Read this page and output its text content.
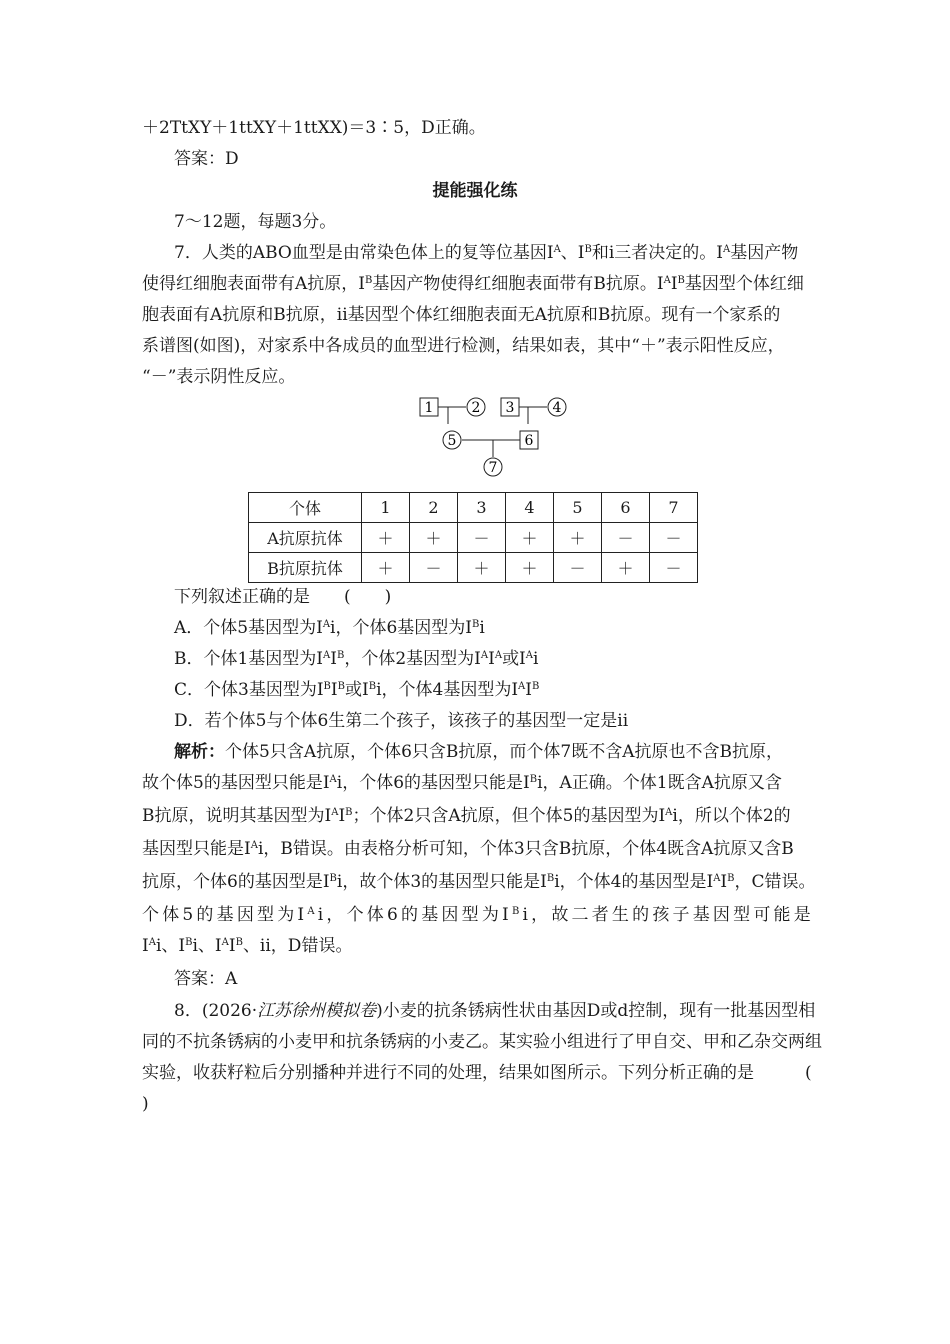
＋2TtXY＋1ttXY＋1ttXX)＝3∶5，D正确。
答案：D
提能强化练
7～12题，每题3分。
7．人类的ABO血型是由常染色体上的复等位基因$I^A$、$I^B$和i三者决定的。$I^A$基因产物
使得红细胞表面带有A抗原，$I^B$基因产物使得红细胞表面带有B抗原。$I^AI^B$基因型个体红细
胞表面有A抗原和B抗原，ii基因型个体红细胞表面无A抗原和B抗原。现有一个家系的
系谱图(如图)，对家系中各成员的血型进行检测，结果如表，其中“＋”表示阳性反应，
“－”表示阴性反应。
1	2 3	4
5	6
7
个体	1	2	3	4	5	6	7
A抗原抗体	＋	＋	－	＋	＋	－	－
B抗原抗体	＋	－	＋	＋	－	＋	－
下列叙述正确的是　　(　　)
A．个体5基因型为$I^Ai$，个体6基因型为$I^Bi$
B．个体1基因型为$I^AI^B$，个体2基因型为$I^AI^A$或$I^Ai$
C．个体3基因型为$I^BI^B$或$I^Bi$，个体4基因型为$I^AI^B$
D．若个体5与个体6生第二个孩子，该孩子的基因型一定是ii
解析：个体5只含A抗原，个体6只含B抗原，而个体7既不含A抗原也不含B抗原，
故个体5的基因型只能是$I^Ai$，个体6的基因型只能是$I^Bi$，A正确。个体1既含A抗原又含
B抗原，说明其基因型为$I^AI^B$；个体2只含A抗原，但个体5的基因型为$I^Ai$，所以个体2的
基因型只能是$I^Ai$，B错误。由表格分析可知，个体3只含B抗原，个体4既含A抗原又含B
抗原，个体6的基因型是$I^Bi$，故个体3的基因型只能是$I^Bi$，个体4的基因型是$I^AI^B$，C错误。
个体5的基因型为$I^Ai$，个体6的基因型为$I^Bi$，故二者生的孩子基因型可能是
$I^Ai$、$I^Bi$、$I^AI^B$、ii，D错误。
答案：A
8．(2026·江苏徐州模拟卷)小麦的抗条锈病性状由基因D或d控制，现有一批基因型相
同的不抗条锈病的小麦甲和抗条锈病的小麦乙。某实验小组进行了甲自交、甲和乙杂交两组
实验，收获籽粒后分别播种并进行不同的处理，结果如图所示。下列分析正确的是　　　(
)
